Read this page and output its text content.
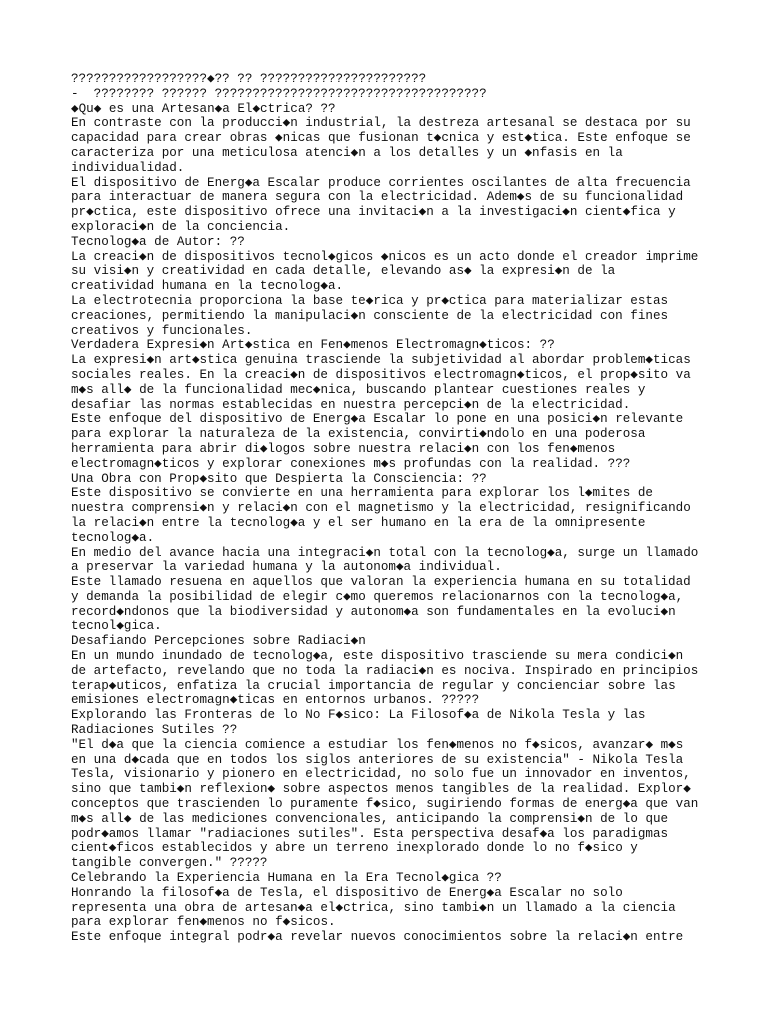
??????????????????◆?? ?? ??????????????????????
-  ???????? ?????? ????????????????????????????????????
◆Qu◆ es una Artesan◆a El◆ctrica? ??
En contraste con la producci◆n industrial, la destreza artesanal se destaca por su
capacidad para crear obras ◆nicas que fusionan t◆cnica y est◆tica. Este enfoque se
caracteriza por una meticulosa atenci◆n a los detalles y un ◆nfasis en la
individualidad.
El dispositivo de Energ◆a Escalar produce corrientes oscilantes de alta frecuencia
para interactuar de manera segura con la electricidad. Adem◆s de su funcionalidad
pr◆ctica, este dispositivo ofrece una invitaci◆n a la investigaci◆n cient◆fica y
exploraci◆n de la conciencia.
Tecnolog◆a de Autor: ??
La creaci◆n de dispositivos tecnol◆gicos ◆nicos es un acto donde el creador imprime
su visi◆n y creatividad en cada detalle, elevando as◆ la expresi◆n de la
creatividad humana en la tecnolog◆a.
La electrotecnia proporciona la base te◆rica y pr◆ctica para materializar estas
creaciones, permitiendo la manipulaci◆n consciente de la electricidad con fines
creativos y funcionales.
Verdadera Expresi◆n Art◆stica en Fen◆menos Electromagn◆ticos: ??
La expresi◆n art◆stica genuina trasciende la subjetividad al abordar problem◆ticas
sociales reales. En la creaci◆n de dispositivos electromagn◆ticos, el prop◆sito va
m◆s all◆ de la funcionalidad mec◆nica, buscando plantear cuestiones reales y
desafiar las normas establecidas en nuestra percepci◆n de la electricidad.
Este enfoque del dispositivo de Energ◆a Escalar lo pone en una posici◆n relevante
para explorar la naturaleza de la existencia, convirti◆ndolo en una poderosa
herramienta para abrir di◆logos sobre nuestra relaci◆n con los fen◆menos
electromagn◆ticos y explorar conexiones m◆s profundas con la realidad. ???
Una Obra con Prop◆sito que Despierta la Consciencia: ??
Este dispositivo se convierte en una herramienta para explorar los l◆mites de
nuestra comprensi◆n y relaci◆n con el magnetismo y la electricidad, resignificando
la relaci◆n entre la tecnolog◆a y el ser humano en la era de la omnipresente
tecnolog◆a.
En medio del avance hacia una integraci◆n total con la tecnolog◆a, surge un llamado
a preservar la variedad humana y la autonom◆a individual.
Este llamado resuena en aquellos que valoran la experiencia humana en su totalidad
y demanda la posibilidad de elegir c◆mo queremos relacionarnos con la tecnolog◆a,
record◆ndonos que la biodiversidad y autonom◆a son fundamentales en la evoluci◆n
tecnol◆gica.
Desafiando Percepciones sobre Radiaci◆n
En un mundo inundado de tecnolog◆a, este dispositivo trasciende su mera condici◆n
de artefacto, revelando que no toda la radiaci◆n es nociva. Inspirado en principios
terap◆uticos, enfatiza la crucial importancia de regular y concienciar sobre las
emisiones electromagn◆ticas en entornos urbanos. ?????
Explorando las Fronteras de lo No F◆sico: La Filosof◆a de Nikola Tesla y las
Radiaciones Sutiles ??
"El d◆a que la ciencia comience a estudiar los fen◆menos no f◆sicos, avanzar◆ m◆s
en una d◆cada que en todos los siglos anteriores de su existencia" - Nikola Tesla
Tesla, visionario y pionero en electricidad, no solo fue un innovador en inventos,
sino que tambi◆n reflexion◆ sobre aspectos menos tangibles de la realidad. Explor◆
conceptos que trascienden lo puramente f◆sico, sugiriendo formas de energ◆a que van
m◆s all◆ de las mediciones convencionales, anticipando la comprensi◆n de lo que
podr◆amos llamar "radiaciones sutiles". Esta perspectiva desaf◆a los paradigmas
cient◆ficos establecidos y abre un terreno inexplorado donde lo no f◆sico y
tangible convergen." ?????
Celebrando la Experiencia Humana en la Era Tecnol◆gica ??
Honrando la filosof◆a de Tesla, el dispositivo de Energ◆a Escalar no solo
representa una obra de artesan◆a el◆ctrica, sino tambi◆n un llamado a la ciencia
para explorar fen◆menos no f◆sicos.
Este enfoque integral podr◆a revelar nuevos conocimientos sobre la relaci◆n entre
